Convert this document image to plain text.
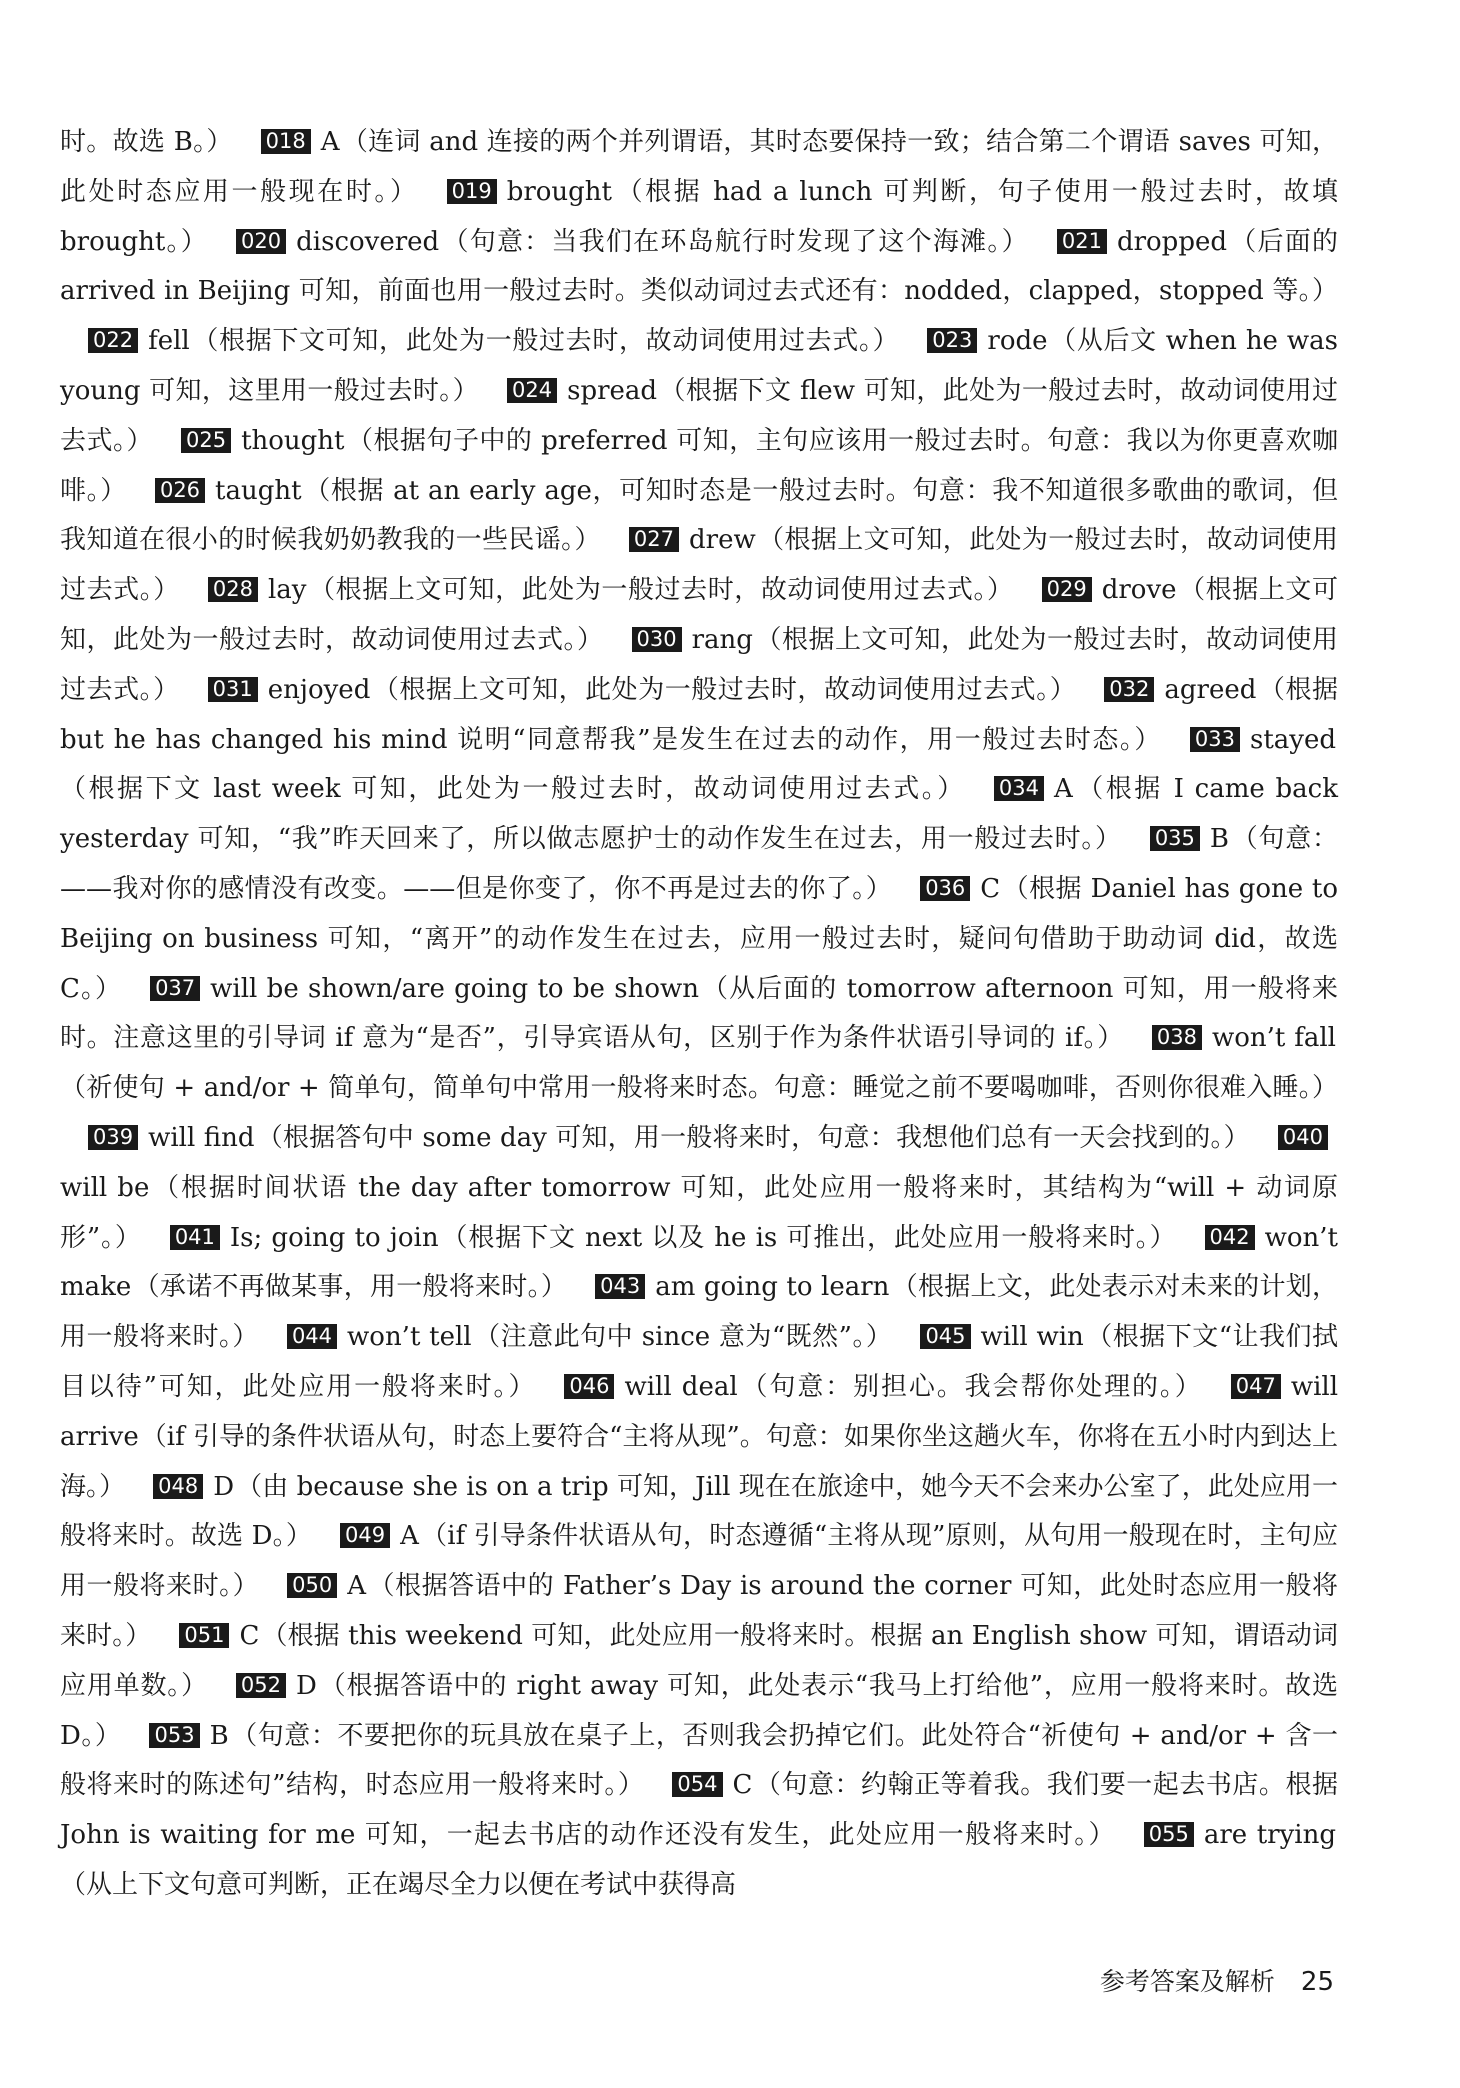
时。故选 B。） 018 A（连词 and 连接的两个并列谓语，其时态要保持一致；结合第二个谓语 saves 可知，此处时态应用一般现在时。） 019 brought（根据 had a lunch 可判断，句子使用一般过去时，故填 brought。） 020 discovered（句意：当我们在环岛航行时发现了这个海滩。） 021 dropped（后面的 arrived in Beijing 可知，前面也用一般过去时。类似动词过去式还有：nodded，clapped，stopped 等。）022 fell（根据下文可知，此处为一般过去时，故动词使用过去式。） 023 rode（从后文 when he was young 可知，这里用一般过去时。） 024 spread（根据下文 flew 可知，此处为一般过去时，故动词使用过去式。） 025 thought（根据句子中的 preferred 可知，主句应该用一般过去时。句意：我以为你更喜欢咖啡。） 026 taught（根据 at an early age，可知时态是一般过去时。句意：我不知道很多歌曲的歌词，但我知道在很小的时候我奶奶教我的一些民谣。） 027 drew（根据上文可知，此处为一般过去时，故动词使用过去式。） 028 lay（根据上文可知，此处为一般过去时，故动词使用过去式。） 029 drove（根据上文可知，此处为一般过去时，故动词使用过去式。） 030 rang（根据上文可知，此处为一般过去时，故动词使用过去式。） 031 enjoyed（根据上文可知，此处为一般过去时，故动词使用过去式。） 032 agreed（根据 but he has changed his mind 说明“同意帮我”是发生在过去的动作，用一般过去时态。） 033 stayed（根据下文 last week 可知，此处为一般过去时，故动词使用过去式。） 034 A（根据 I came back yesterday 可知，“我”昨天回来了，所以做志愿护士的动作发生在过去，用一般过去时。） 035 B（句意：——我对你的感情没有改变。——但是你变了，你不再是过去的你了。） 036 C（根据 Daniel has gone to Beijing on business 可知，“离开”的动作发生在过去，应用一般过去时，疑问句借助于助动词 did，故选 C。） 037 will be shown/are going to be shown（从后面的 tomorrow afternoon 可知，用一般将来时。注意这里的引导词 if 意为“是否”，引导宾语从句，区别于作为条件状语引导词的 if。） 038 won’t fall（祈使句 + and/or + 简单句，简单句中常用一般将来时态。句意：睡觉之前不要喝咖啡，否则你很难入睡。）039 will find（根据答句中 some day 可知，用一般将来时，句意：我想他们总有一天会找到的。） 040will be（根据时间状语 the day after tomorrow 可知，此处应用一般将来时，其结构为“will + 动词原形”。） 041 Is; going to join（根据下文 next 以及 he is 可推出，此处应用一般将来时。） 042 won’t make（承诺不再做某事，用一般将来时。） 043 am going to learn（根据上文，此处表示对未来的计划，用一般将来时。） 044 won’t tell（注意此句中 since 意为“既然”。） 045 will win（根据下文“让我们拭目以待”可知，此处应用一般将来时。） 046 will deal（句意：别担心。我会帮你处理的。） 047 will arrive（if 引导的条件状语从句，时态上要符合“主将从现”。句意：如果你坐这趟火车，你将在五小时内到达上海。） 048 D（由 because she is on a trip 可知，Jill 现在在旅途中，她今天不会来办公室了，此处应用一般将来时。故选 D。） 049 A（if 引导条件状语从句，时态遵循“主将从现”原则，从句用一般现在时，主句应用一般将来时。） 050 A（根据答语中的 Father’s Day is around the corner 可知，此处时态应用一般将来时。） 051 C（根据 this weekend 可知，此处应用一般将来时。根据 an English show 可知，谓语动词应用单数。） 052 D（根据答语中的 right away 可知，此处表示“我马上打给他”，应用一般将来时。故选 D。） 053 B（句意：不要把你的玩具放在桌子上，否则我会扔掉它们。此处符合“祈使句 + and/or + 含一般将来时的陈述句”结构，时态应用一般将来时。） 054 C（句意：约翰正等着我。我们要一起去书店。根据 John is waiting for me 可知，一起去书店的动作还没有发生，此处应用一般将来时。） 055 are trying（从上下文句意可判断，正在竭尽全力以便在考试中获得高
参考答案及解析 25
